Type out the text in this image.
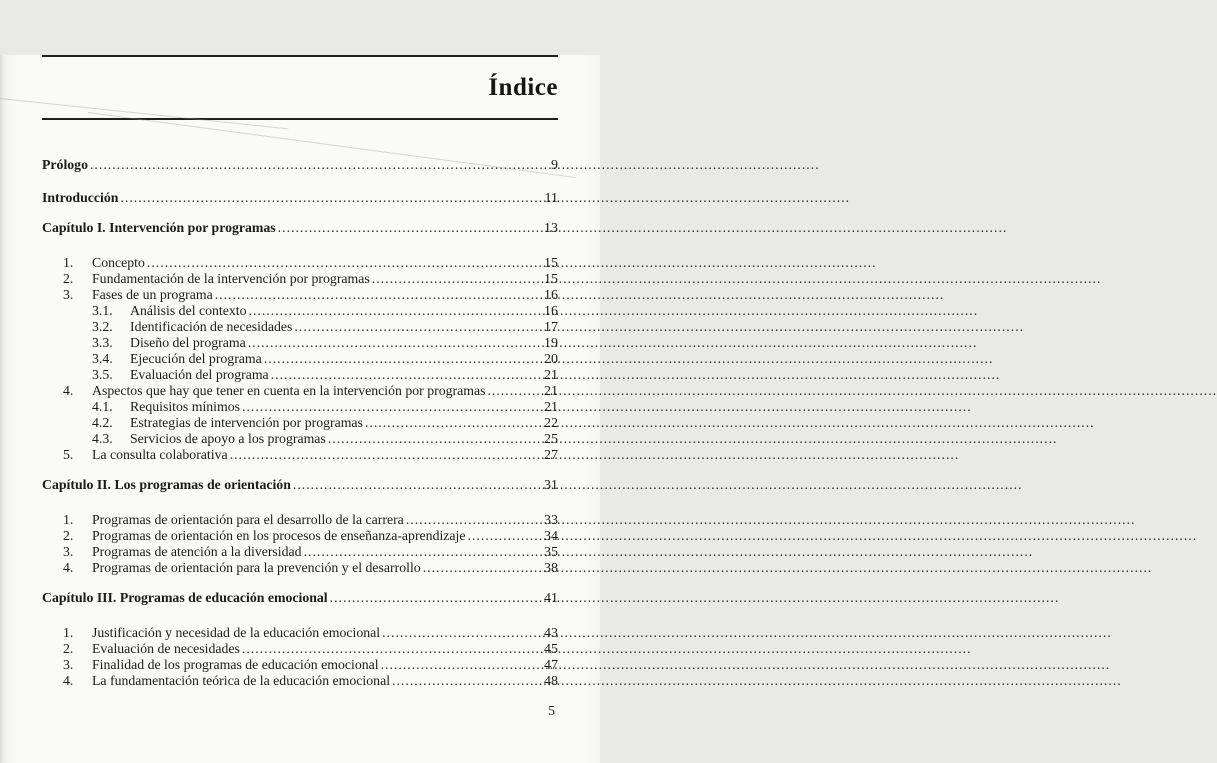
Índice
Prólogo .....	9
Introducción .....	11
Capítulo I. Intervención por programas .....	13
1.	Concepto .....	15
2.	Fundamentación de la intervención por programas .....	15
3.	Fases de un programa .....	16
3.1.	Análisis del contexto .....	16
3.2.	Identificación de necesidades .....	17
3.3.	Diseño del programa .....	19
3.4.	Ejecución del programa .....	20
3.5.	Evaluación del programa .....	21
4.	Aspectos que hay que tener en cuenta en la intervención por programas .....	21
4.1.	Requisitos mínimos .....	21
4.2.	Estrategias de intervención por programas .....	22
4.3.	Servicios de apoyo a los programas .....	25
5.	La consulta colaborativa .....	27
Capítulo II. Los programas de orientación .....	31
1.	Programas de orientación para el desarrollo de la carrera .....	33
2.	Programas de orientación en los procesos de enseñanza-aprendizaje .....	34
3.	Programas de atención a la diversidad .....	35
4.	Programas de orientación para la prevención y el desarrollo .....	38
Capítulo III. Programas de educación emocional .....	41
1.	Justificación y necesidad de la educación emocional .....	43
2.	Evaluación de necesidades .....	45
3.	Finalidad de los programas de educación emocional .....	47
4.	La fundamentación teórica de la educación emocional .....	48
5
